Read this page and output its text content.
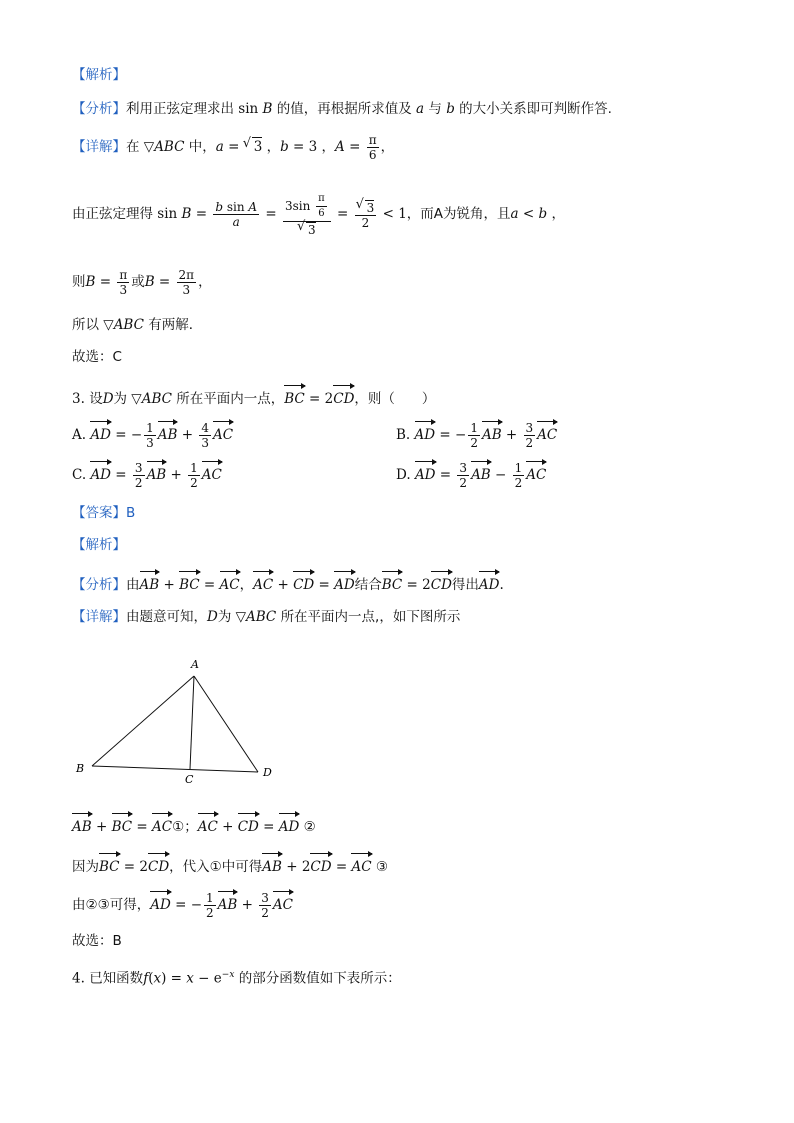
【解析】
【分析】利用正弦定理求出 sin B 的值，再根据所求值及 a 与 b 的大小关系即可判断作答.
【详解】在 ▽ABC 中，a = √ 3 ，b = 3 ，$A = \frac{\pi}{6}$ ，
由正弦定理得 $\sin B = \frac{\text{b sin A}}{a} = 3\sin \frac{\pi}{6}$
√ 3 =
√ $\frac{3}{2} < 1$，而A为锐角，且a < b ，
则$B = \frac{\pi}{3}$ 或$B = \frac{2\pi}{3}$ ，
所以 ▽ABC 有两解．
故选：C
3. 设D为 ▽ABC 所在平面内一点，BC = 2CD，则（　　）
A. AD = − $\frac{1}{3}$ AB + $\frac{4}{3}$ AC	B. AD = − $\frac{1}{2}$ AB + $\frac{3}{2}$ AC
C. AD = $\frac{3}{2}$ AB + $\frac{1}{2}$ AC	D. AD = $\frac{3}{2}$ AB − $\frac{1}{2}$ AC
【答案】B
【解析】
【分析】由AB + BC = AC，AC + CD = AD结合BC = 2CD得出AD.
【详解】由题意可知，D为 ▽ABC 所在平面内一点,，如下图所示
A
B
C
D
AB + BC = AC①；AC + CD = AD ②
因为BC = 2CD，代入①中可得AB + 2CD = AC ③
由②③可得，AD = − $\frac{1}{2}$ AB + $\frac{3}{2}$ AC
故选：B
4. 已知函数$f(x) = x - e^{-x}$ 的部分函数值如下表所示：
